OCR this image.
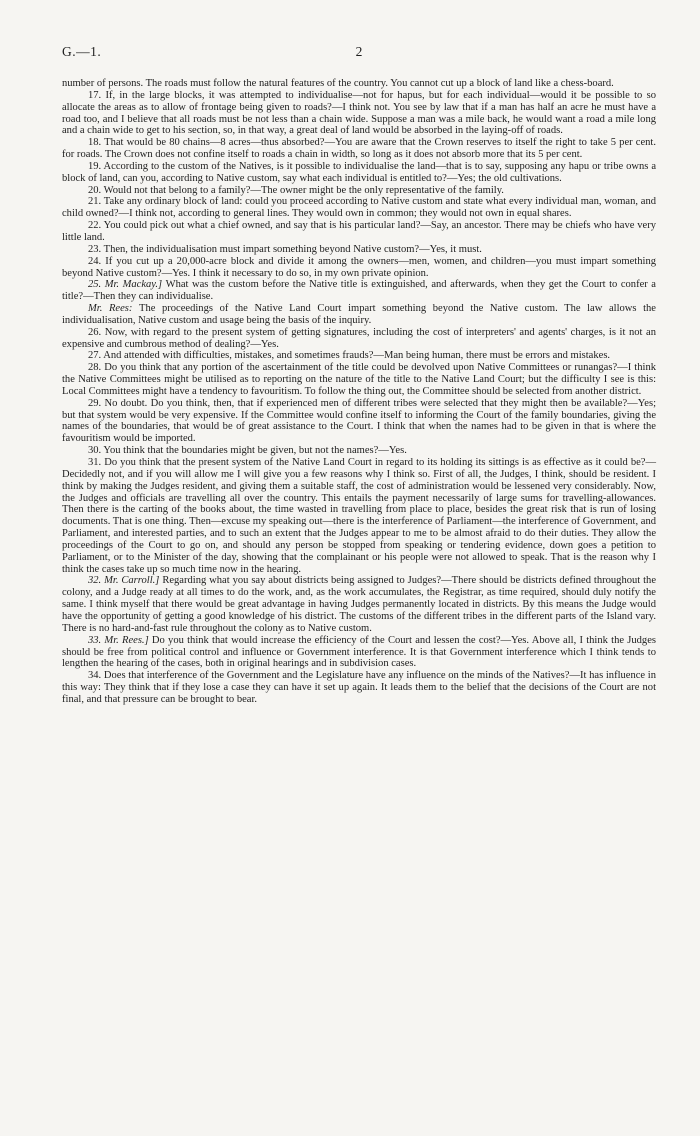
G.—1.	2

number of persons. The roads must follow the natural features of the country. You cannot cut up a block of land like a chess-board.

17. If, in the large blocks, it was attempted to individualise—not for hapus, but for each individual—would it be possible to so allocate the areas as to allow of frontage being given to roads?—I think not. You see by law that if a man has half an acre he must have a road too, and I believe that all roads must be not less than a chain wide. Suppose a man was a mile back, he would want a road a mile long and a chain wide to get to his section, so, in that way, a great deal of land would be absorbed in the laying-off of roads.

18. That would be 80 chains—8 acres—thus absorbed?—You are aware that the Crown reserves to itself the right to take 5 per cent. for roads. The Crown does not confine itself to roads a chain in width, so long as it does not absorb more that its 5 per cent.

19. According to the custom of the Natives, is it possible to individualise the land—that is to say, supposing any hapu or tribe owns a block of land, can you, according to Native custom, say what each individual is entitled to?—Yes; the old cultivations.

20. Would not that belong to a family?—The owner might be the only representative of the family.

21. Take any ordinary block of land: could you proceed according to Native custom and state what every individual man, woman, and child owned?—I think not, according to general lines. They would own in common; they would not own in equal shares.

22. You could pick out what a chief owned, and say that is his particular land?—Say, an ancestor. There may be chiefs who have very little land.

23. Then, the individualisation must impart something beyond Native custom?—Yes, it must.

24. If you cut up a 20,000-acre block and divide it among the owners—men, women, and children—you must impart something beyond Native custom?—Yes. I think it necessary to do so, in my own private opinion.

25. Mr. Mackay.] What was the custom before the Native title is extinguished, and afterwards, when they get the Court to confer a title?—Then they can individualise.

Mr. Rees: The proceedings of the Native Land Court impart something beyond the Native custom. The law allows the individualisation, Native custom and usage being the basis of the inquiry.

26. Now, with regard to the present system of getting signatures, including the cost of interpreters' and agents' charges, is it not an expensive and cumbrous method of dealing?—Yes.

27. And attended with difficulties, mistakes, and sometimes frauds?—Man being human, there must be errors and mistakes.

28. Do you think that any portion of the ascertainment of the title could be devolved upon Native Committees or runangas?—I think the Native Committees might be utilised as to reporting on the nature of the title to the Native Land Court; but the difficulty I see is this: Local Committees might have a tendency to favouritism. To follow the thing out, the Committee should be selected from another district.

29. No doubt. Do you think, then, that if experienced men of different tribes were selected that they might then be available?—Yes; but that system would be very expensive. If the Committee would confine itself to informing the Court of the family boundaries, giving the names of the boundaries, that would be of great assistance to the Court. I think that when the names had to be given in that is where the favouritism would be imported.

30. You think that the boundaries might be given, but not the names?—Yes.

31. Do you think that the present system of the Native Land Court in regard to its holding its sittings is as effective as it could be?—Decidedly not, and if you will allow me I will give you a few reasons why I think so. First of all, the Judges, I think, should be resident. I think by making the Judges resident, and giving them a suitable staff, the cost of administration would be lessened very considerably. Now, the Judges and officials are travelling all over the country. This entails the payment necessarily of large sums for travelling-allowances. Then there is the carting of the books about, the time wasted in travelling from place to place, besides the great risk that is run of losing documents. That is one thing. Then—excuse my speaking out—there is the interference of Parliament—the interference of Government, and Parliament, and interested parties, and to such an extent that the Judges appear to me to be almost afraid to do their duties. They allow the proceedings of the Court to go on, and should any person be stopped from speaking or tendering evidence, down goes a petition to Parliament, or to the Minister of the day, showing that the complainant or his people were not allowed to speak. That is the reason why I think the cases take up so much time now in the hearing.

32. Mr. Carroll.] Regarding what you say about districts being assigned to Judges?—There should be districts defined throughout the colony, and a Judge ready at all times to do the work, and, as the work accumulates, the Registrar, as time required, should duly notify the same. I think myself that there would be great advantage in having Judges permanently located in districts. By this means the Judge would have the opportunity of getting a good knowledge of his district. The customs of the different tribes in the different parts of the Island vary. There is no hard-and-fast rule throughout the colony as to Native custom.

33. Mr. Rees.] Do you think that would increase the efficiency of the Court and lessen the cost?—Yes. Above all, I think the Judges should be free from political control and influence or Government interference. It is that Government interference which I think tends to lengthen the hearing of the cases, both in original hearings and in subdivision cases.

34. Does that interference of the Government and the Legislature have any influence on the minds of the Natives?—It has influence in this way: They think that if they lose a case they can have it set up again. It leads them to the belief that the decisions of the Court are not final, and that pressure can be brought to bear.
